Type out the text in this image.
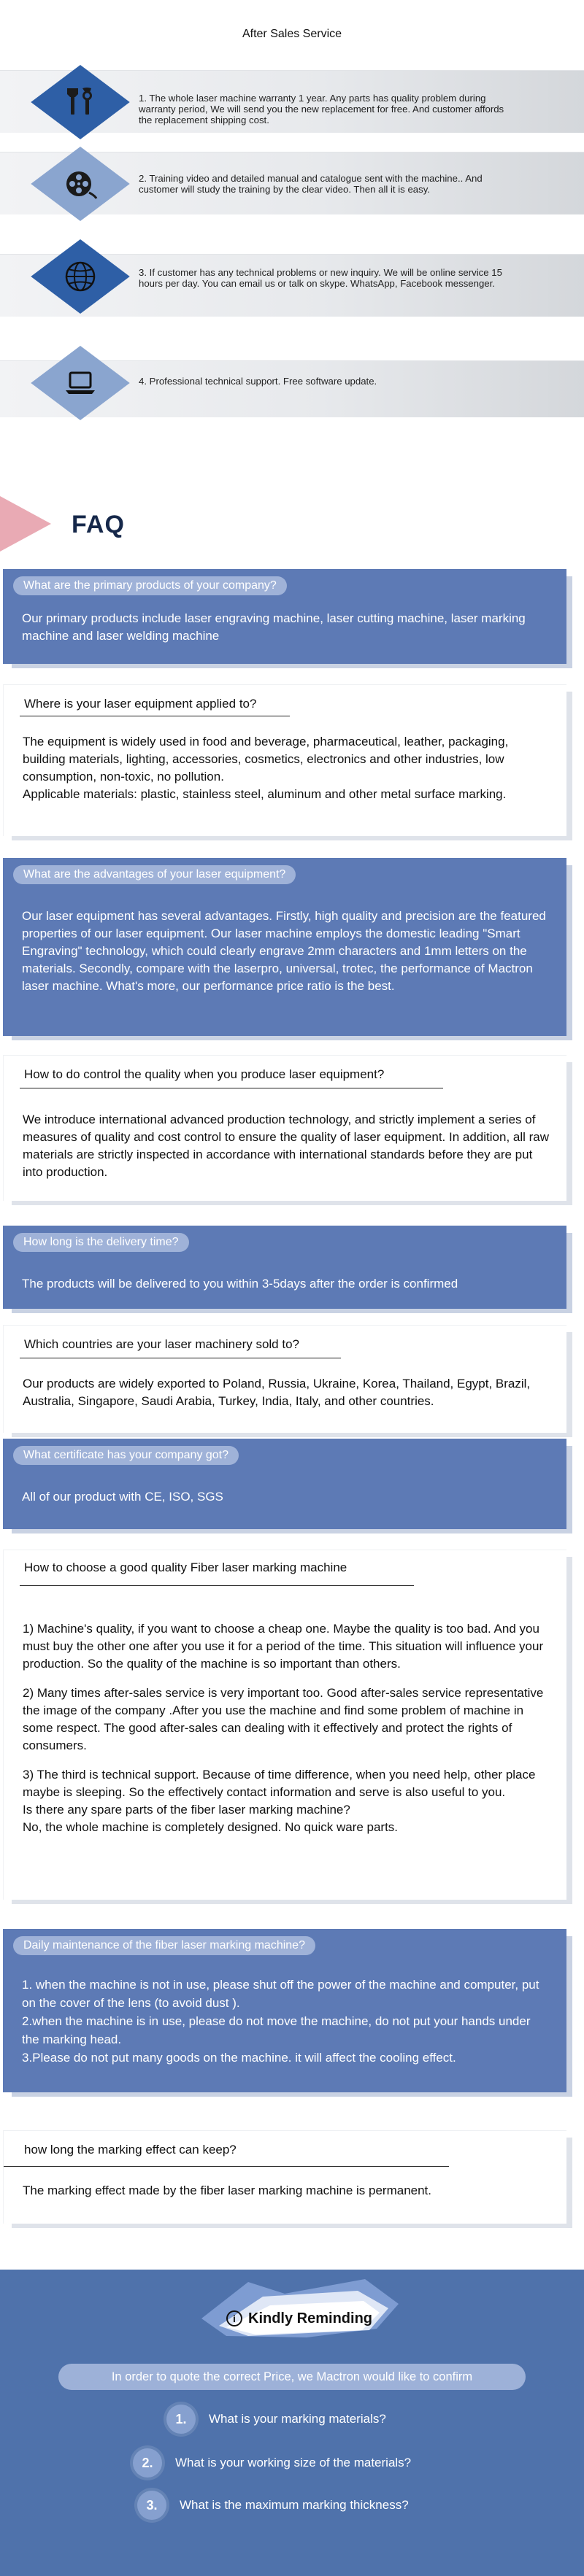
After Sales Service
1. The whole laser machine warranty 1 year. Any parts has quality problem during warranty period, We will send you the new replacement for free. And customer affords the replacement shipping cost.
2. Training video and detailed manual and catalogue sent with the machine.. And customer will study the training by the clear video. Then all it is easy.
3. If customer has any technical problems or new inquiry. We will be online service 15 hours per day. You can email us or talk on skype. WhatsApp, Facebook messenger.
4. Professional technical support. Free software update.
FAQ
What are the primary products of your company?

Our primary products include laser engraving machine, laser cutting machine, laser marking machine and laser welding machine

Where is your laser equipment applied to?

The equipment is widely used in food and beverage, pharmaceutical, leather, packaging, building materials, lighting, accessories, cosmetics, electronics and other industries, low consumption, non-toxic, no pollution.

Applicable materials: plastic, stainless steel, aluminum and other metal surface marking.

What are the advantages of your laser equipment?

Our laser equipment has several advantages. Firstly, high quality and precision are the featured properties of our laser equipment. Our laser machine employs the domestic leading "Smart Engraving" technology, which could clearly engrave 2mm characters and 1mm letters on the materials. Secondly, compare with the laserpro, universal, trotec, the performance of Mactron laser machine. What's more, our performance price ratio is the best.

How to do control the quality when you produce laser equipment?

We introduce international advanced production technology, and strictly implement a series of measures of quality and cost control to ensure the quality of laser equipment. In addition, all raw materials are strictly inspected in accordance with international standards before they are put into production.

How long is the delivery time?

The products will be delivered to you within 3-5days after the order is confirmed

Which countries are your laser machinery sold to?

Our products are widely exported to Poland, Russia, Ukraine, Korea, Thailand, Egypt, Brazil, Australia, Singapore, Saudi Arabia, Turkey, India, Italy, and other countries.

What certificate has your company got?

All of our product with CE, ISO, SGS

How to choose a good quality Fiber laser marking machine

1) Machine's quality, if you want to choose a cheap one. Maybe the quality is too bad. And you must buy the other one after you use it for a period of the time. This situation will influence your production. So the quality of the machine is so important than others.

2) Many times after-sales service is very important too. Good after-sales service representative the image of the company .After you use the machine and find some problem of machine in some respect. The good after-sales can dealing with it effectively and protect the rights of consumers.

3) The third is technical support. Because of time difference, when you need help, other place maybe is sleeping. So the effectively contact information and serve is also useful to you.

Is there any spare parts of the fiber laser marking machine?

No, the whole machine is completely designed. No quick ware parts.

Daily maintenance of the fiber laser marking machine?

1. when the machine is not in use, please shut off the power of the machine and computer, put on the cover of the lens (to avoid dust ).

2.when the machine is in use, please do not move the machine, do not put your hands under the marking head.

3.Please do not put many goods on the machine. it will affect the cooling effect.

how long the marking effect can keep?

The marking effect made by the fiber laser marking machine is permanent.

i Kindly Reminding
In order to quote the correct Price, we Mactron would like to confirm
1.	What is your marking materials?
2.	What is your working size of the materials?
3.	What is the maximum marking thickness?
